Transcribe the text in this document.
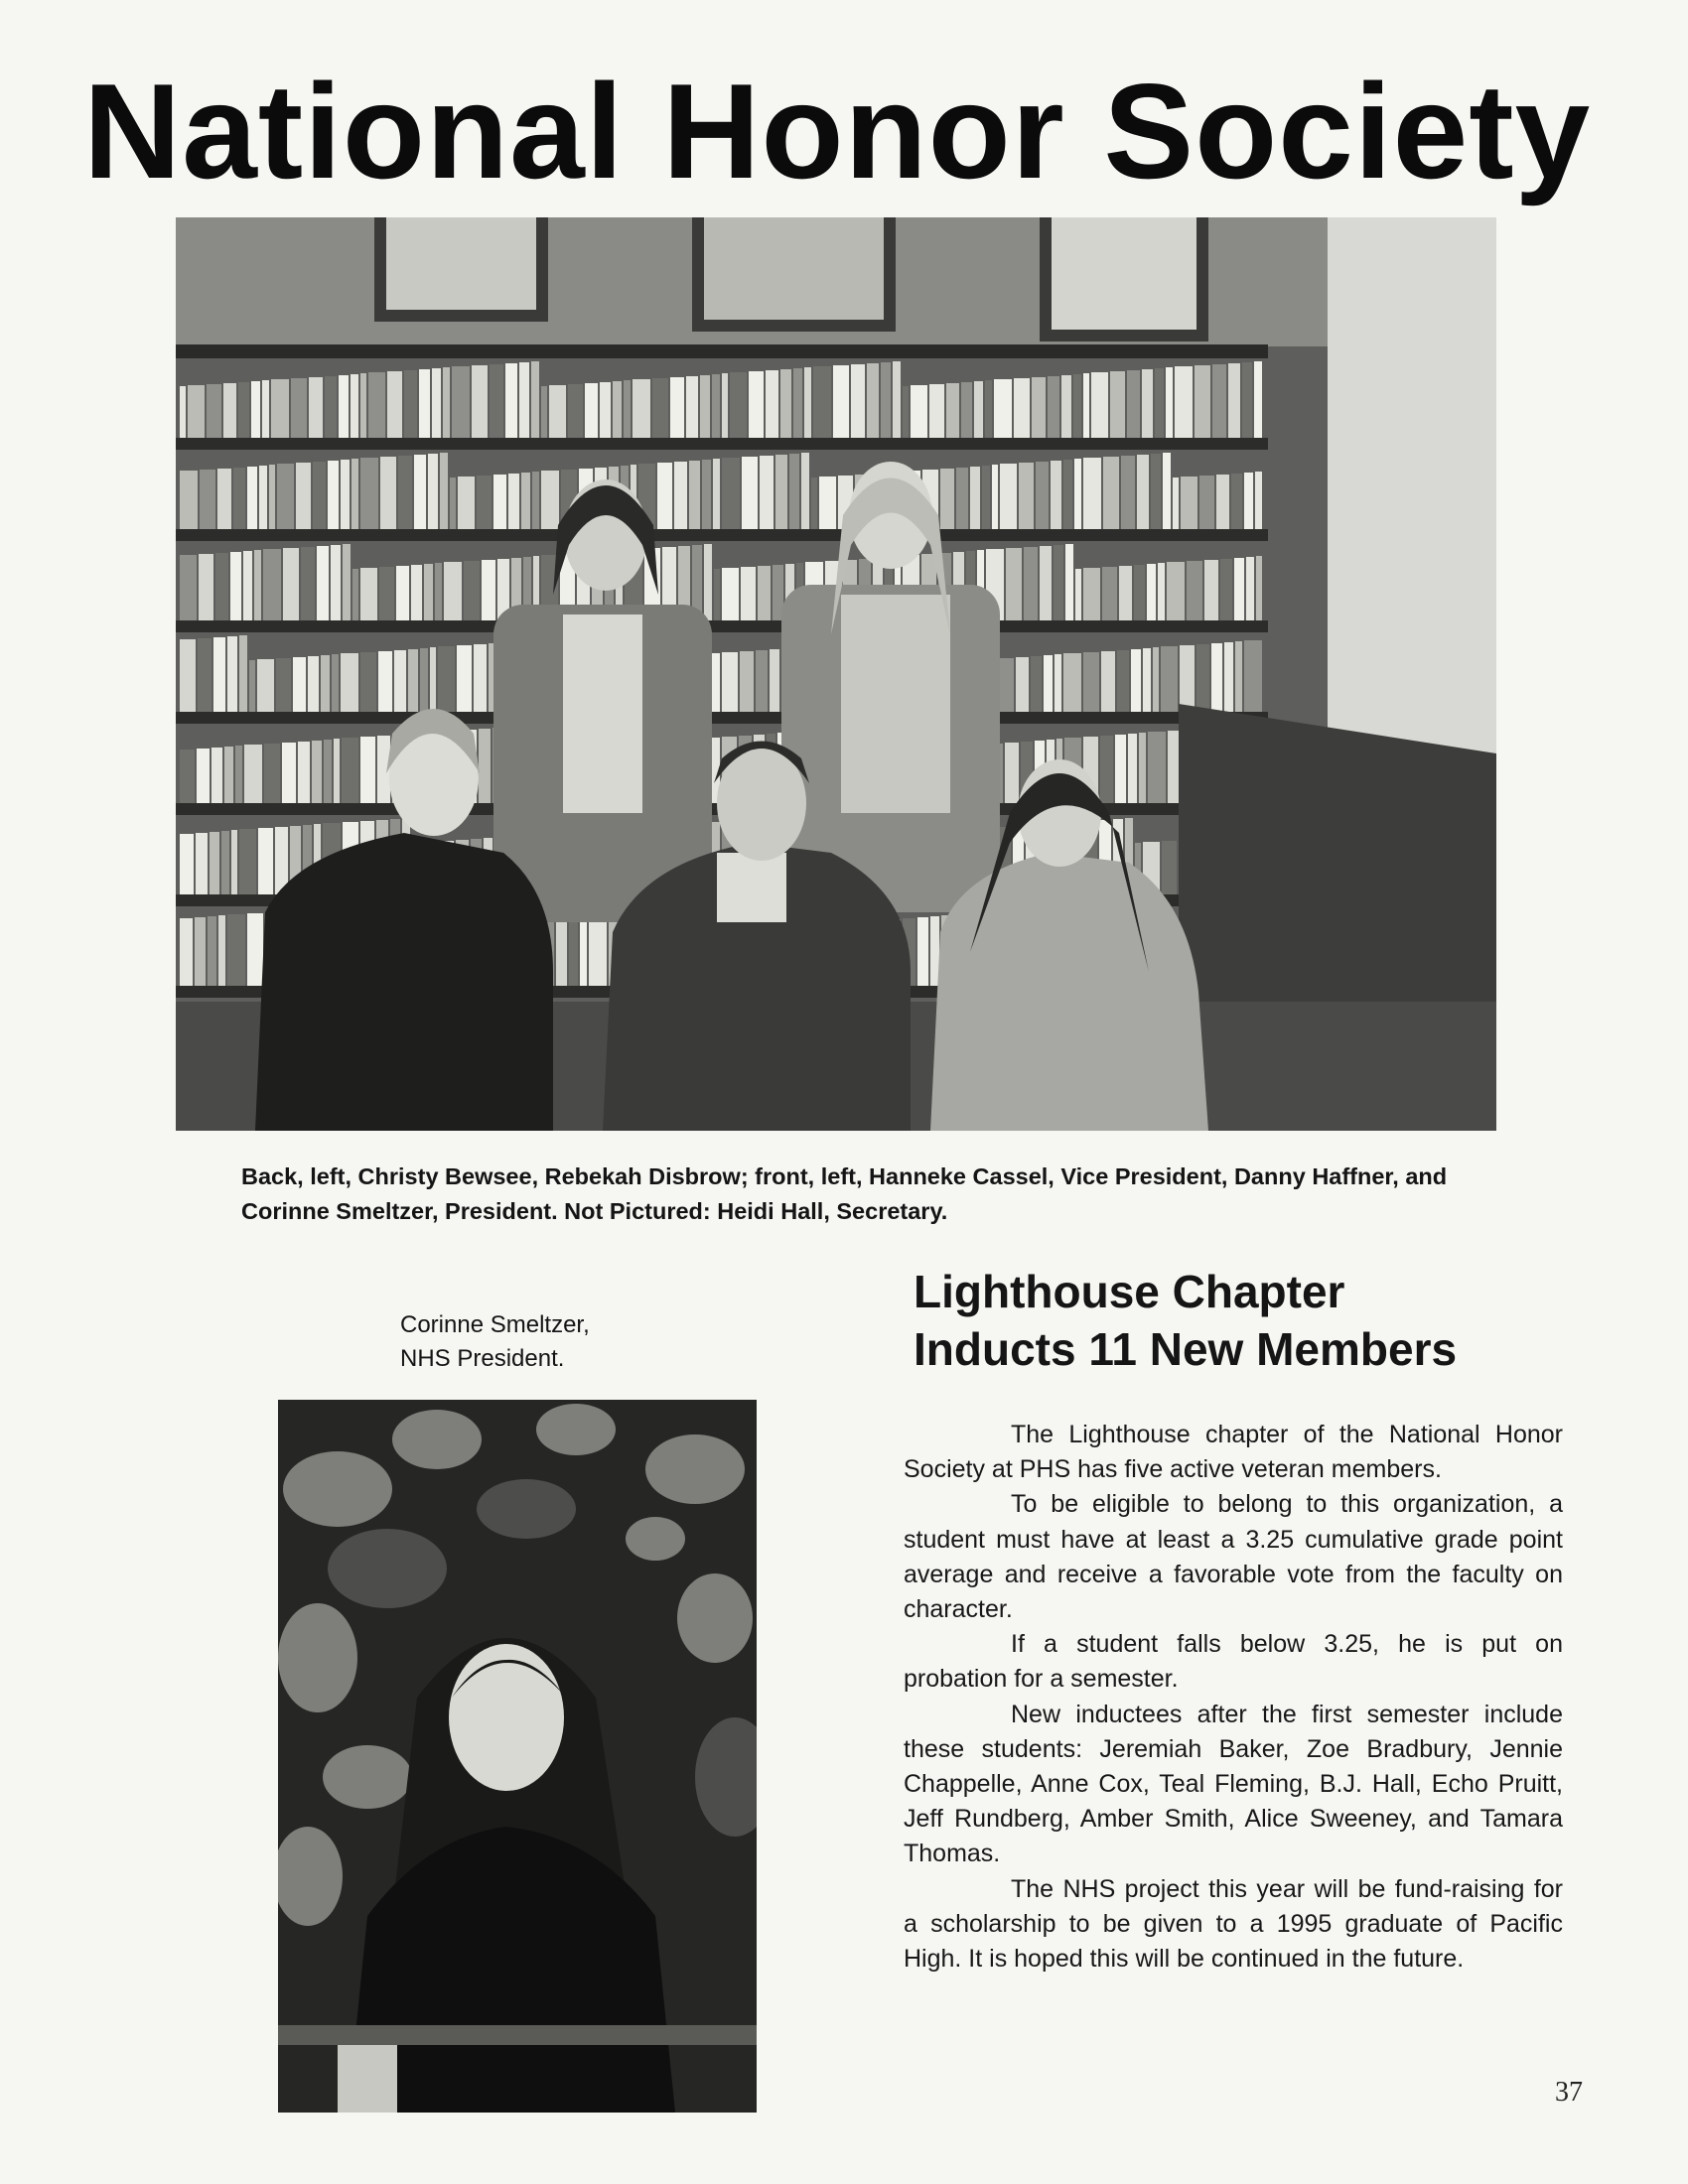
National Honor Society

Back, left, Christy Bewsee, Rebekah Disbrow; front, left, Hanneke Cassel, Vice President, Danny Haffner, and Corinne Smeltzer, President. Not Pictured: Heidi Hall, Secretary.

Corinne Smeltzer,
NHS President.

Lighthouse Chapter
Inducts 11 New Members

The Lighthouse chapter of the National Honor Society at PHS has five active veteran members.

To be eligible to belong to this organization, a student must have at least a 3.25 cumulative grade point average and receive a favorable vote from the faculty on character.

If a student falls below 3.25, he is put on probation for a semester.

New inductees after the first semester include these students: Jeremiah Baker, Zoe Bradbury, Jennie Chappelle, Anne Cox, Teal Fleming, B.J. Hall, Echo Pruitt, Jeff Rundberg, Amber Smith, Alice Sweeney, and Tamara Thomas.

The NHS project this year will be fund-raising for a scholarship to be given to a 1995 graduate of Pacific High. It is hoped this will be continued in the future.

37
